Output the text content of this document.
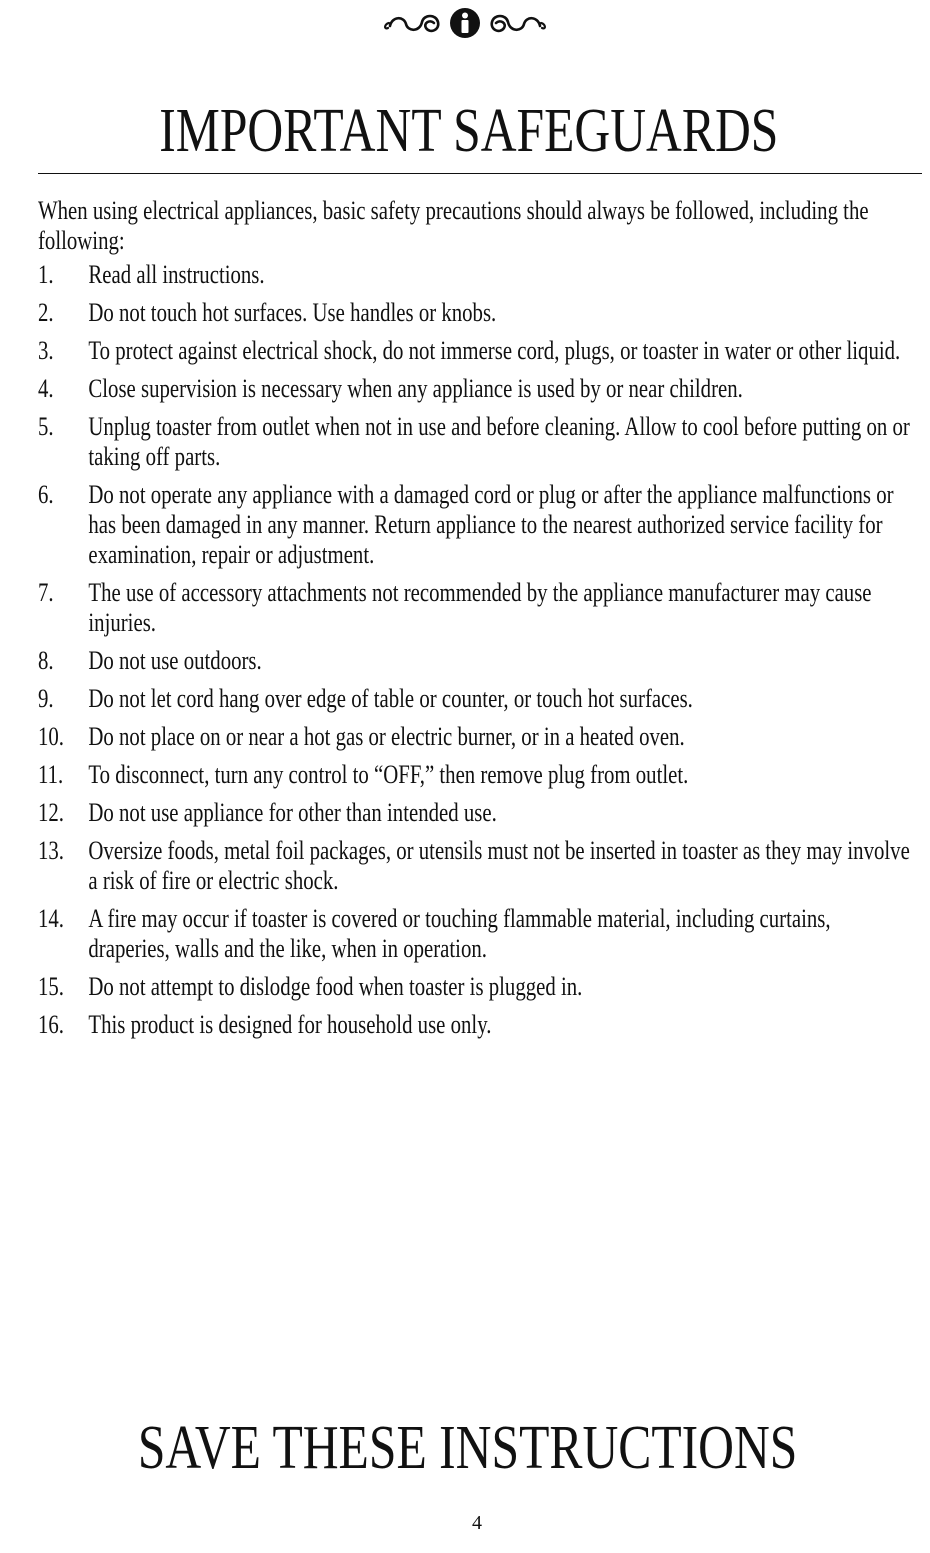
IMPORTANT SAFEGUARDS

When using electrical appliances, basic safety precautions should always be followed, including the following:

1.	Read all instructions.
2.	Do not touch hot surfaces. Use handles or knobs.
3.	To protect against electrical shock, do not immerse cord, plugs, or toaster in water or other liquid.
4.	Close supervision is necessary when any appliance is used by or near children.
5.	Unplug toaster from outlet when not in use and before cleaning. Allow to cool before putting on or taking off parts.
6.	Do not operate any appliance with a damaged cord or plug or after the appliance malfunctions or has been damaged in any manner. Return appliance to the nearest authorized service facility for examination, repair or adjustment.
7.	The use of accessory attachments not recommended by the appliance manufacturer may cause injuries.
8.	Do not use outdoors.
9.	Do not let cord hang over edge of table or counter, or touch hot surfaces.
10. Do not place on or near a hot gas or electric burner, or in a heated oven.
11. To disconnect, turn any control to “OFF,” then remove plug from outlet.
12. Do not use appliance for other than intended use.
13. Oversize foods, metal foil packages, or utensils must not be inserted in toaster as they may involve a risk of fire or electric shock.
14. A fire may occur if toaster is covered or touching flammable material, including curtains, draperies, walls and the like, when in operation.
15. Do not attempt to dislodge food when toaster is plugged in.
16. This product is designed for household use only.
SAVE THESE INSTRUCTIONS
4
